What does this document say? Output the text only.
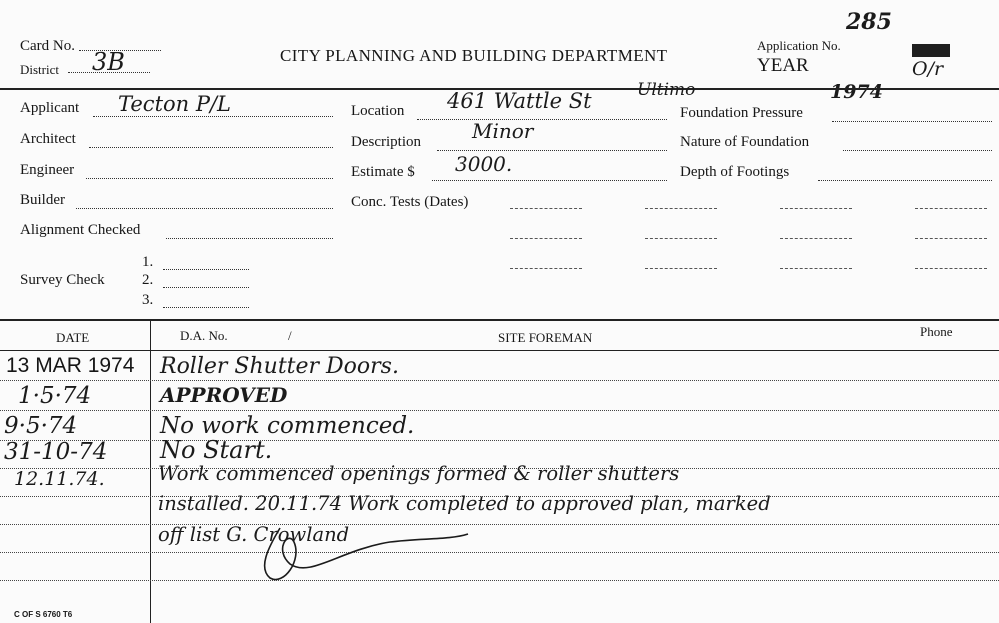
Card No.
District 3B	CITY PLANNING AND BUILDING DEPARTMENT
Application No.
YEAR
285
O/r
1974
Applicant Tecton P/L
Architect
Engineer
Builder
Alignment Checked
Survey Check
1.
2.
3.
Location 461 Wattle St	Ultimo
Description	Minor
Estimate $ 3000.
Conc. Tests (Dates)
Foundation Pressure
Nature of Foundation
Depth of Footings
DATE	D.A. No.	/	SITE FOREMAN	Phone
13 MAR 1974 Roller Shutter Doors.
1·5·74	APPROVED
9·5·74	No work commenced.
31-10-74 No Start.
12.11.74.	Work commenced openings formed & roller shutters
installed. 20.11.74 Work completed to approved plan, marked
off list G. Crowland
C OF S 6760 T6
